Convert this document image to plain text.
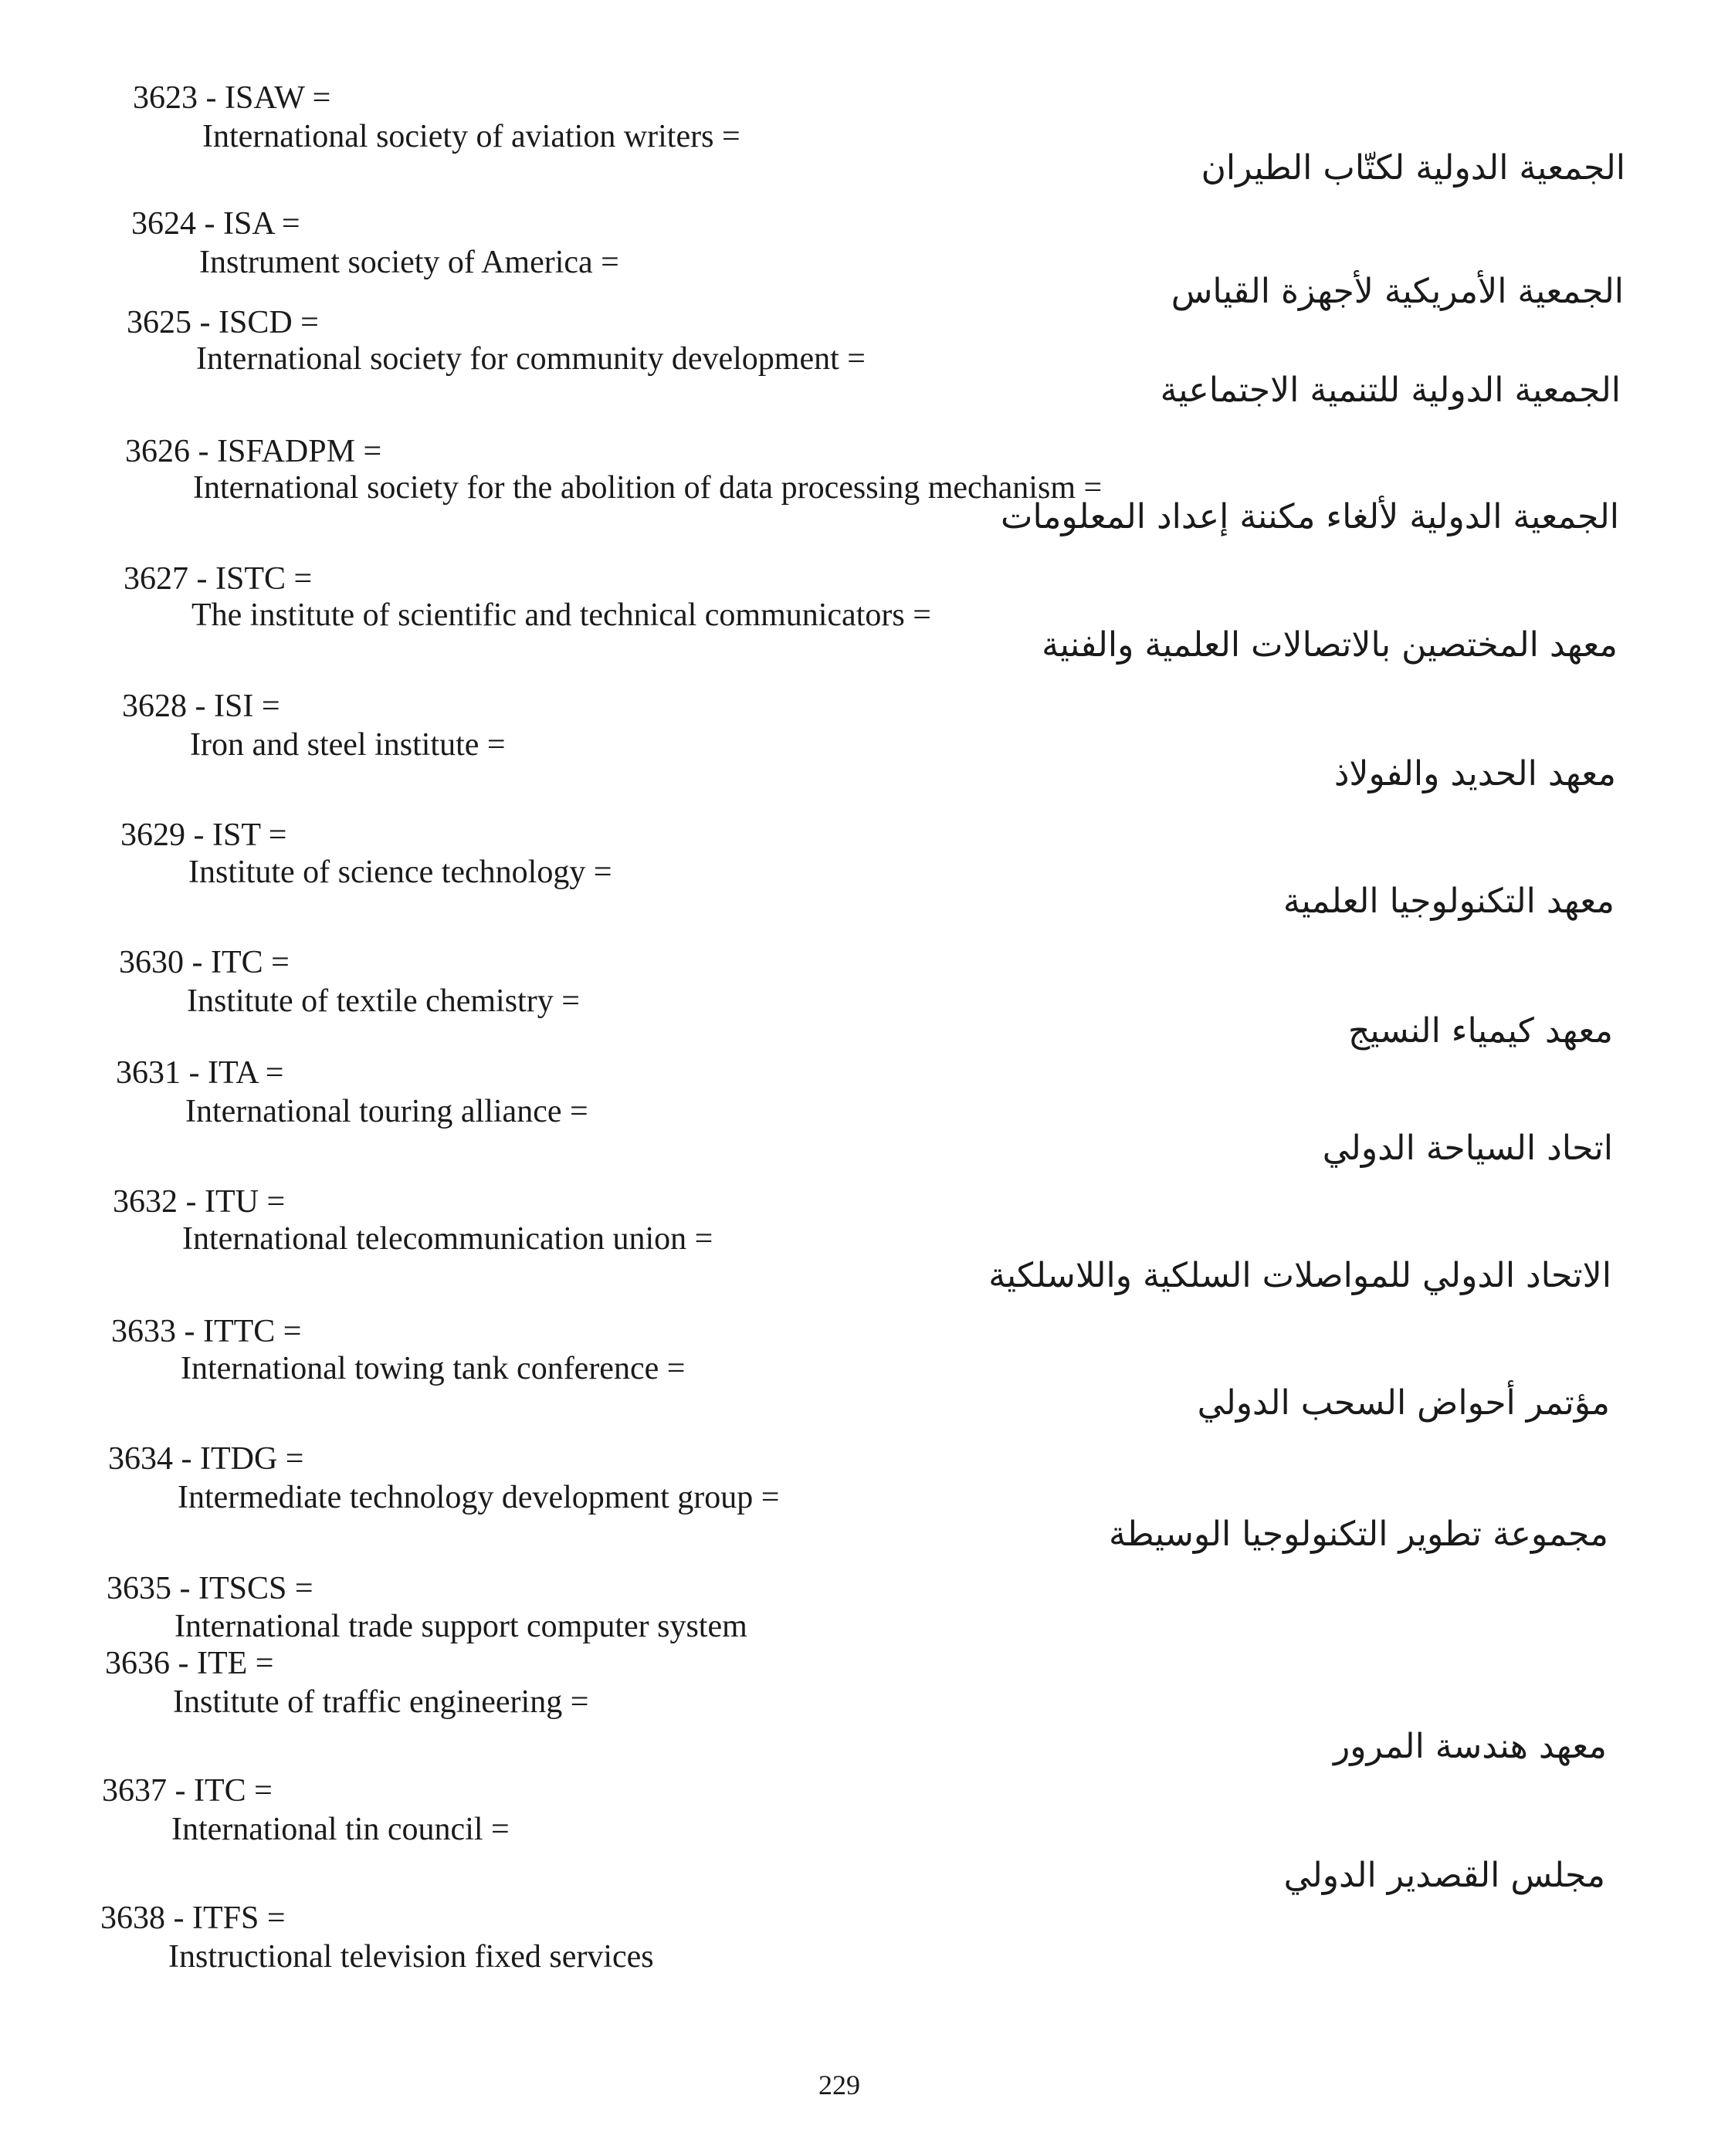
3623 - ISAW =
International society of aviation writers =
الجمعية الدولية لكتّاب الطيران
3624 - ISA =
Instrument society of America =
الجمعية الأمريكية لأجهزة القياس
3625 - ISCD =
International society for community development =
الجمعية الدولية للتنمية الاجتماعية
3626 - ISFADPM =
International society for the abolition of data processing mechanism =
الجمعية الدولية لألغاء مكننة إعداد المعلومات
3627 - ISTC =
The institute of scientific and technical communicators =
معهد المختصين بالاتصالات العلمية والفنية
3628 - ISI =
Iron and steel institute =
معهد الحديد والفولاذ
3629 - IST =
Institute of science technology =
معهد التكنولوجيا العلمية
3630 - ITC =
Institute of textile chemistry =
معهد كيمياء النسيج
3631 - ITA =
International touring alliance =
اتحاد السياحة الدولي
3632 - ITU =
International telecommunication union =
الاتحاد الدولي للمواصلات السلكية واللاسلكية
3633 - ITTC =
International towing tank conference =
مؤتمر أحواض السحب الدولي
3634 - ITDG =
Intermediate technology development group =
مجموعة تطوير التكنولوجيا الوسيطة
3635 - ITSCS =
International trade support computer system
3636 - ITE =
Institute of traffic engineering =
معهد هندسة المرور
3637 - ITC =
International tin council =
مجلس القصدير الدولي
3638 - ITFS =
Instructional television fixed services
229
